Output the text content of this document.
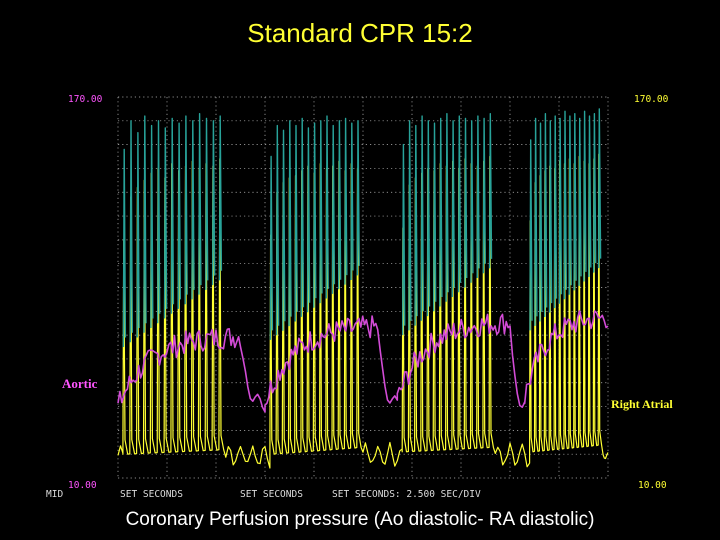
Standard CPR 15:2
170.00	170.00
10.00	10.00
MID	SET SECONDS	SET SECONDS	SET SECONDS: 2.500 SEC/DIV
Aortic
Right Atrial
Coronary Perfusion pressure (Ao diastolic- RA diastolic)
